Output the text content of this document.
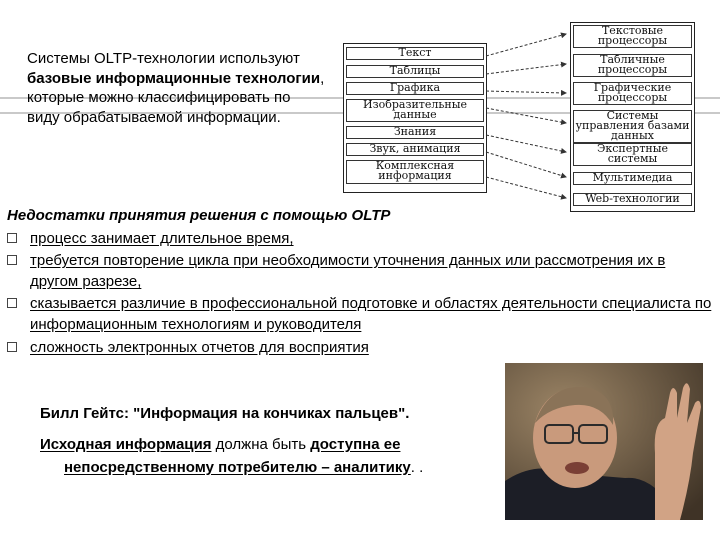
Системы OLTP-технологии используют базовые информационные технологии, которые можно классифицировать по виду обрабатываемой информации.
Текст
Таблицы
Графика
Изобразительные данные
Знания
Звук, анимация
Комплексная информация
Текстовые процессоры
Табличные процессоры
Графические процессоры
Системы управления базами данных
Экспертные системы
Мультимедиа
Web-технологии
Недостатки принятия решения с помощью OLTP
процесс занимает длительное время,
требуется повторение цикла при необходимости уточнения данных или рассмотрения их в другом разрезе,
сказывается различие в профессиональной подготовке и областях деятельности специалиста по информационным технологиям и руководителя
сложность электронных отчетов для восприятия
Билл Гейтс: "Информация на кончиках пальцев".
Исходная информация должна быть доступна ее
непосредственному потребителю – аналитику. .
